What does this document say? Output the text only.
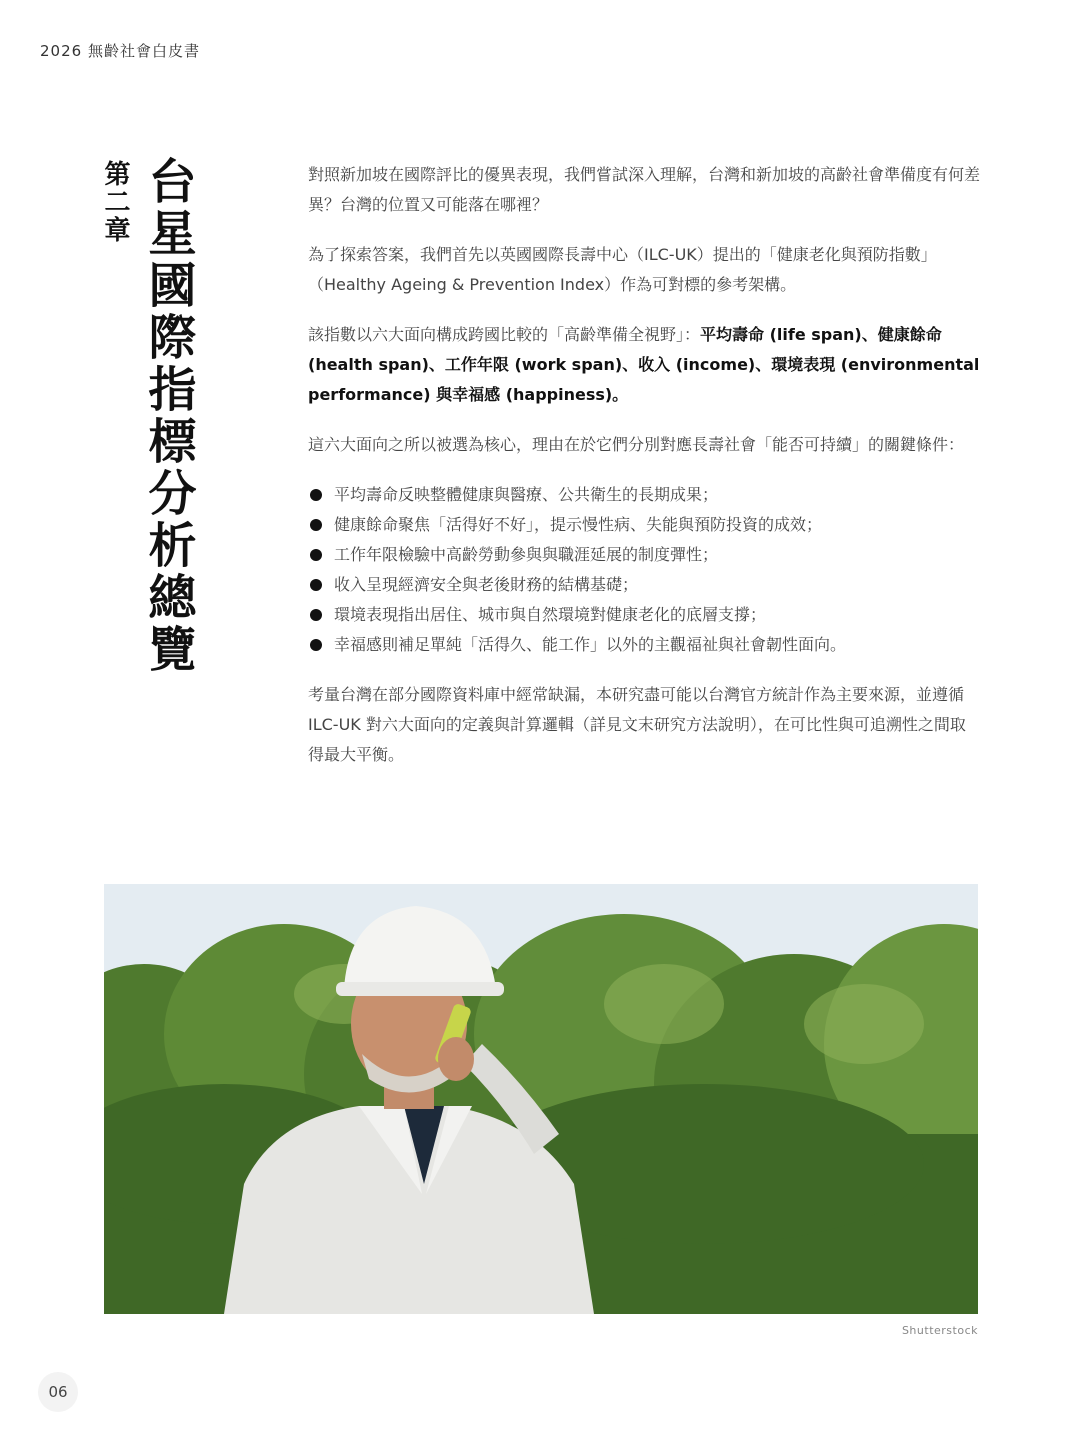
2026 無齡社會白皮書
第二章 台星國際指標分析總覽	對照新加坡在國際評比的優異表現，我們嘗試深入理解，台灣和新加坡的高齡社會準備度有何差異？台灣的位置又可能落在哪裡？

為了探索答案，我們首先以英國國際長壽中心（ILC-UK）提出的「健康老化與預防指數」（Healthy Ageing & Prevention Index）作為可對標的參考架構。

該指數以六大面向構成跨國比較的「高齡準備全視野」：平均壽命 (life span)、健康餘命 (health span)、工作年限 (work span)、收入 (income)、環境表現 (environmental performance) 與幸福感 (happiness)。

這六大面向之所以被選為核心，理由在於它們分別對應長壽社會「能否可持續」的關鍵條件：

平均壽命反映整體健康與醫療、公共衛生的長期成果；
健康餘命聚焦「活得好不好」，提示慢性病、失能與預防投資的成效；
工作年限檢驗中高齡勞動參與與職涯延展的制度彈性；
收入呈現經濟安全與老後財務的結構基礎；
環境表現指出居住、城市與自然環境對健康老化的底層支撐；
幸福感則補足單純「活得久、能工作」以外的主觀福祉與社會韌性面向。

考量台灣在部分國際資料庫中經常缺漏，本研究盡可能以台灣官方統計作為主要來源，並遵循 ILC-UK 對六大面向的定義與計算邏輯（詳見文末研究方法說明），在可比性與可追溯性之間取得最大平衡。

Shutterstock
06
